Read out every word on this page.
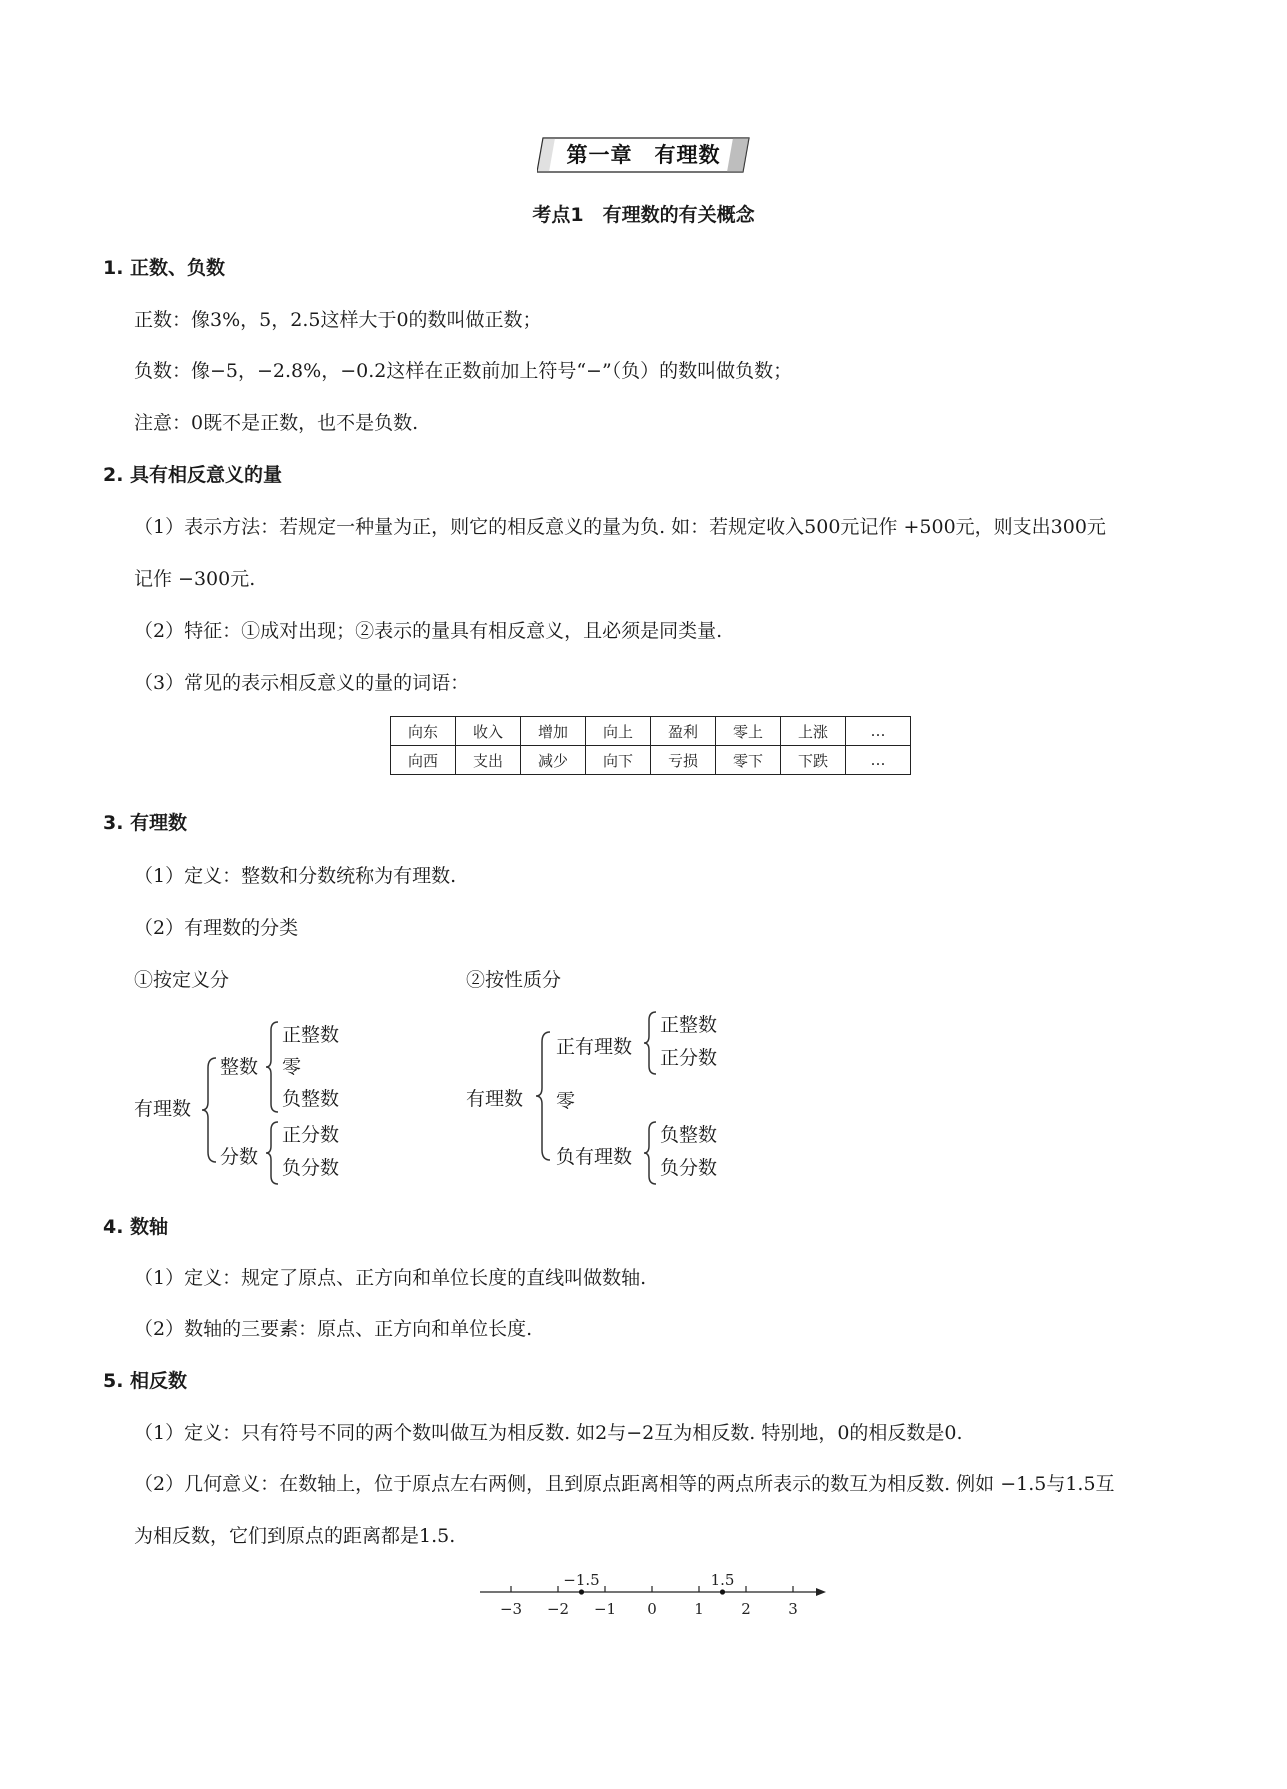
第一章　有理数
考点1　有理数的有关概念
1. 正数、负数
正数：像3%，5，2.5这样大于0的数叫做正数；
负数：像−5，−2.8%，−0.2这样在正数前加上符号“−”（负）的数叫做负数；
注意：0既不是正数，也不是负数.
2. 具有相反意义的量
（1）表示方法：若规定一种量为正，则它的相反意义的量为负. 如：若规定收入500元记作 +500元，则支出300元
记作 −300元.
（2）特征：①成对出现；②表示的量具有相反意义，且必须是同类量.
（3）常见的表示相反意义的量的词语：
向东	收入	增加	向上	盈利	零上	上涨	…
向西	支出	减少	向下	亏损	零下	下跌	…
3. 有理数
（1）定义：整数和分数统称为有理数.
（2）有理数的分类
①按定义分	②按性质分
有理数
整数
正整数
零
负整数
分数
正分数
负分数
有理数
正有理数
正整数
正分数
零
负有理数
负整数
负分数
4. 数轴
（1）定义：规定了原点、正方向和单位长度的直线叫做数轴.
（2）数轴的三要素：原点、正方向和单位长度.
5. 相反数
（1）定义：只有符号不同的两个数叫做互为相反数. 如2与−2互为相反数. 特别地，0的相反数是0.
（2）几何意义：在数轴上，位于原点左右两侧，且到原点距离相等的两点所表示的数互为相反数. 例如 −1.5与1.5互
为相反数，它们到原点的距离都是1.5.
−3 −2 −1 0 1 2 3
−1.5	1.5
